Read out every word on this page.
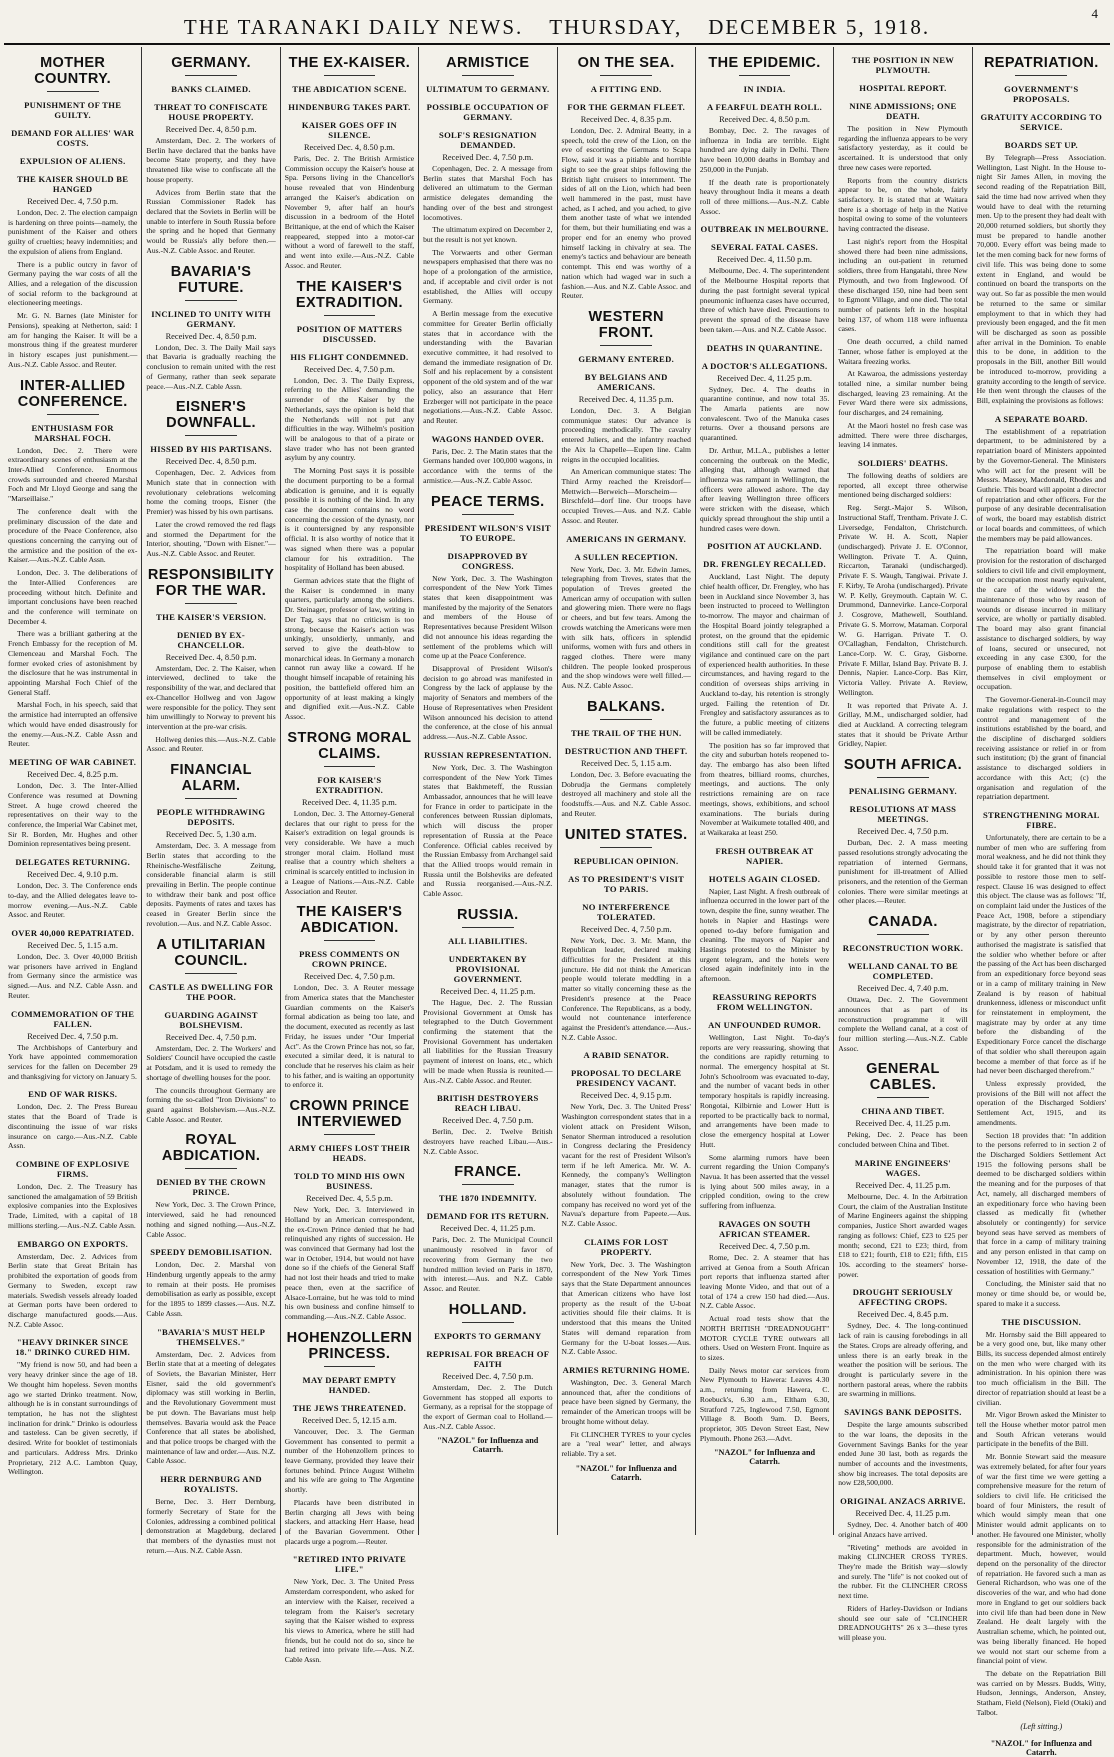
THE TARANAKI DAILY NEWS. THURSDAY, DECEMBER 5, 1918.
4
MOTHER COUNTRY.

PUNISHMENT OF THE GUILTY.

DEMAND FOR ALLIES' WAR COSTS.

EXPULSION OF ALIENS.

THE KAISER SHOULD BE HANGED

Received Dec. 4, 7.50 p.m.

London, Dec. 2. The election campaign is hardening on three points—namely, the punishment of the Kaiser and others guilty of cruelties; heavy indemnities; and the expulsion of aliens from England.

There is a public outcry in favor of Germany paying the war costs of all the Allies, and a relegation of the discussion of social reform to the background at electioneering meetings.

Mr. G. N. Barnes (late Minister for Pensions), speaking at Netherton, said: I am for hanging the Kaiser. It will be a monstrous thing if the greatest murderer in history escapes just punishment.—Aus.-N.Z. Cable Assoc. and Reuter.

INTER-ALLIED CONFERENCE.

ENTHUSIASM FOR MARSHAL FOCH.

London, Dec. 2. There were extraordinary scenes of enthusiasm at the Inter-Allied Conference. Enormous crowds surrounded and cheered Marshal Foch and Mr Lloyd George and sang the "Marseillaise."

The conference dealt with the preliminary discussion of the date and procedure of the Peace Conference, also questions concerning the carrying out of the armistice and the position of the ex-Kaiser.—Aus.-N.Z. Cable Assn.

London, Dec. 3. The deliberations of the Inter-Allied Conferences are proceeding without hitch. Definite and important conclusions have been reached and the conference will terminate on December 4.

There was a brilliant gathering at the French Embassy for the reception of M. Clemenceau and Marshal Foch. The former evoked cries of astonishment by the disclosure that he was instrumental in appointing Marshal Foch Chief of the General Staff.

Marshal Foch, in his speech, said that the armistice had interrupted an offensive which would have ended disastrously for the enemy.—Aus.-N.Z. Cable Assn and Reuter.

MEETING OF WAR CABINET.

Received Dec. 4, 8.25 p.m.

London, Dec. 3. The Inter-Allied Conference was resumed at Downing Street. A huge crowd cheered the representatives on their way to the conference, the Imperial War Cabinet met, Sir R. Borden, Mr. Hughes and other Dominion representatives being present.

DELEGATES RETURNING.

Received Dec. 4, 9.10 p.m.

London, Dec. 3. The Conference ends to-day, and the Allied delegates leave to-morrow evening.—Aus.-N.Z. Cable Assoc. and Reuter.

OVER 40,000 REPATRIATED.

Received Dec. 5, 1.15 a.m.

London, Dec. 3. Over 40,000 British war prisoners have arrived in England from Germany since the armistice was signed.—Aus. and N.Z. Cable Assn. and Reuter.

COMMEMORATION OF THE FALLEN.

Received Dec. 4, 7.50 p.m.

The Archbishops of Canterbury and York have appointed commemoration services for the fallen on December 29 and thanksgiving for victory on January 5.

END OF WAR RISKS.

London, Dec. 2. The Press Bureau states that the Board of Trade is discontinuing the issue of war risks insurance on cargo.—Aus.-N.Z. Cable Assn.

COMBINE OF EXPLOSIVE FIRMS.

London, Dec. 2. The Treasury has sanctioned the amalgamation of 59 British explosive companies into the Explosives Trade, Limited, with a capital of 18 millions sterling.—Aus.-N.Z. Cable Assn.

EMBARGO ON EXPORTS.

Amsterdam, Dec. 2. Advices from Berlin state that Great Britain has prohibited the exportation of goods from Germany to Sweden, except raw materials. Swedish vessels already loaded at German ports have been ordered to discharge manufactured goods.—Aus. N.Z. Cable Assoc.

"HEAVY DRINKER SINCE 18." DRINKO CURED HIM.

"My friend is now 50, and had been a very heavy drinker since the age of 18. We thought him hopeless. Seven months ago we started Drinko treatment. Now, although he is in constant surroundings of temptation, he has not the slightest inclination for drink." Drinko is odourless and tasteless. Can be given secretly, if desired. Write for booklet of testimonials and particulars. Address Mrs. Drinko Proprietary, 212 A.C. Lambton Quay, Wellington.

GERMANY.

BANKS CLAIMED.

THREAT TO CONFISCATE HOUSE PROPERTY.

Received Dec. 4, 8.50 p.m.

Amsterdam, Dec. 2. The workers of Berlin have declared that the banks have become State property, and they have threatened like wise to confiscate all the house property.

Advices from Berlin state that the Russian Commissioner Radek has declared that the Soviets in Berlin will be unable to interfere in South Russia before the spring and he hoped that Germany would be Russia's ally before then.—Aus.-N.Z. Cable Assoc. and Reuter.

BAVARIA'S FUTURE.

INCLINED TO UNITY WITH GERMANY.

Received Dec. 4, 8.50 p.m.

London, Dec. 3. The Daily Mail says that Bavaria is gradually reaching the conclusion to remain united with the rest of Germany, rather than seek separate peace.—Aus.-N.Z. Cable Assn.

EISNER'S DOWNFALL.

HISSED BY HIS PARTISANS.

Received Dec. 4, 8.50 p.m.

Copenhagen, Dec. 2. Advices from Munich state that in connection with revolutionary celebrations welcoming home the coming troops, Eisner (the Premier) was hissed by his own partisans.

Later the crowd removed the red flags and stormed the Department for the Interior, shouting, "Down with Eisner."—Aus.-N.Z. Cable Assoc. and Reuter.

RESPONSIBILITY FOR THE WAR.

THE KAISER'S VERSION.

DENIED BY EX-CHANCELLOR.

Received Dec. 4, 8.50 p.m.

Amsterdam, Dec. 2. The Kaiser, when interviewed, declined to take the responsibility of the war, and declared that ex-Chancellor Hollweg and von Jagow were responsible for the policy. They sent him unwillingly to Norway to prevent his intervention at the pre-war crisis.

Hollweg denies this.—Aus.-N.Z. Cable Assoc. and Reuter.

FINANCIAL ALARM.

PEOPLE WITHDRAWING DEPOSITS.

Received Dec. 5, 1.30 a.m.

Amsterdam, Dec. 3. A message from Berlin states that according to the Rheinische-Westfälische Zeitung, considerable financial alarm is still prevailing in Berlin. The people continue to withdraw their bank and post office deposits. Payments of rates and taxes has ceased in Greater Berlin since the revolution.—Aus. and N.Z. Cable Assoc.

A UTILITARIAN COUNCIL.

CASTLE AS DWELLING FOR THE POOR.

GUARDING AGAINST BOLSHEVISM.

Received Dec. 4, 7.50 p.m.

Amsterdam, Dec. 2. The Workers' and Soldiers' Council have occupied the castle at Potsdam, and it is used to remedy the shortage of dwelling houses for the poor.

The councils throughout Germany are forming the so-called "Iron Divisions" to guard against Bolshevism.—Aus.-N.Z. Cable Assoc. and Reuter.

ROYAL ABDICATION.

DENIED BY THE CROWN PRINCE.

New York, Dec. 3. The Crown Prince, interviewed, said he had renounced nothing and signed nothing.—Aus.-N.Z. Cable Assoc.

SPEEDY DEMOBILISATION.

London, Dec. 2. Marshal von Hindenburg urgently appeals to the army to remain at their posts. He promises demobilisation as early as possible, except for the 1895 to 1899 classes.—Aus. N.Z. Cable Assn.

"BAVARIA'S MUST HELP THEMSELVES."

Amsterdam, Dec. 2. Advices from Berlin state that at a meeting of delegates of Soviets, the Bavarian Minister, Herr Eisner, said the old government's diplomacy was still working in Berlin, and the Revolutionary Government must be put down. The Bavarians must help themselves. Bavaria would ask the Peace Conference that all states be abolished, and that police troops be charged with the maintenance of law and order.—Aus. N.Z. Cable Assoc.

HERR DERNBURG AND ROYALISTS.

Berne, Dec. 3. Herr Dernburg, formerly Secretary of State for the Colonies, addressing a combined political demonstration at Magdeburg, declared that members of the dynasties must not return.—Aus. N.Z. Cable Assn.

THE EX-KAISER.

THE ABDICATION SCENE.

HINDENBURG TAKES PART.

KAISER GOES OFF IN SILENCE.

Received Dec. 4, 8.50 p.m.

Paris, Dec. 2. The British Armistice Commission occupy the Kaiser's house at Spa. Persons living in the Chancellor's house revealed that von Hindenburg arranged the Kaiser's abdication on November 9, after half an hour's discussion in a bedroom of the Hotel Brittanique, at the end of which the Kaiser reappeared, stepped into a motor-car without a word of farewell to the staff, and went into exile.—Aus.-N.Z. Cable Assoc. and Reuter.

THE KAISER'S EXTRADITION.

POSITION OF MATTERS DISCUSSED.

HIS FLIGHT CONDEMNED.

Received Dec. 4, 7.50 p.m.

London, Dec. 3. The Daily Express, referring to the Allies' demanding the surrender of the Kaiser by the Netherlands, says the opinion is held that the Netherlands will not put any difficulties in the way. Wilhelm's position will be analogous to that of a pirate or slave trader who has not been granted asylum by any country.

The Morning Post says it is possible the document purporting to be a formal abdication is genuine, and it is equally possible it is nothing of the kind. In any case the document contains no word concerning the cession of the dynasty, nor is it countersigned by any responsible official. It is also worthy of notice that it was signed when there was a popular clamour for his extradition. The hospitality of Holland has been abused.

German advices state that the flight of the Kaiser is condemned in many quarters, particularly among the soldiers. Dr. Steinager, professor of law, writing in Der Tag, says that no criticism is too strong, because the Kaiser's action was unkingly, unsoldierly, unmanly, and served to give the death-blow to monarchical ideas. In Germany a monarch cannot run away like a coward. If he thought himself incapable of retaining his position, the battlefield offered him an opportunity of at least making a kingly and dignified exit.—Aus.-N.Z. Cable Assoc.

STRONG MORAL CLAIMS.

FOR KAISER'S EXTRADITION.

Received Dec. 4, 11.35 p.m.

London, Dec. 3. The Attorney-General declares that our right to press for the Kaiser's extradition on legal grounds is very considerable. We have a much stronger moral claim. Holland must realise that a country which shelters a criminal is scarcely entitled to inclusion in a League of Nations.—Aus.-N.Z. Cable Association and Reuter.

THE KAISER'S ABDICATION.

PRESS COMMENTS ON CROWN PRINCE.

Received Dec. 4, 7.50 p.m.

London, Dec. 3. A Reuter message from America states that the Manchester Guardian comments on the Kaiser's formal abdication as being too late, and the document, executed as recently as last Friday, he issues under "Our Imperial Act". As the Crown Prince has not, so far, executed a similar deed, it is natural to conclude that he reserves his claim as heir to his father, and is waiting an opportunity to enforce it.

CROWN PRINCE INTERVIEWED

ARMY CHIEFS LOST THEIR HEADS.

TOLD TO MIND HIS OWN BUSINESS.

Received Dec. 4, 5.5 p.m.

New York, Dec. 3. Interviewed in Holland by an American correspondent, the ex-Crown Prince denied that he had relinquished any rights of succession. He was convinced that Germany had lost the war in October, 1914, but would not have done so if the chiefs of the General Staff had not lost their heads and tried to make peace then, even at the sacrifice of Alsace-Lorraine, but he was told to mind his own business and confine himself to commanding.—Aus.-N.Z. Cable Assoc.

HOHENZOLLERN PRINCESS.

MAY DEPART EMPTY HANDED.

THE JEWS THREATENED.

Received Dec. 5, 12.15 a.m.

Vancouver, Dec. 3. The German Government has consented to permit a number of the Hohenzollern princes to leave Germany, provided they leave their fortunes behind. Prince August Wilhelm and his wife are going to The Argentine shortly.

Placards have been distributed in Berlin charging all Jews with being slackers, and attacking Herr Haase, head of the Bavarian Government. Other placards urge a pogrom.—Reuter.

"RETIRED INTO PRIVATE LIFE."

New York, Dec. 3. The United Press Amsterdam correspondent, who asked for an interview with the Kaiser, received a telegram from the Kaiser's secretary saying that the Kaiser wished to express his views to America, where he still had friends, but he could not do so, since he had retired into private life.—Aus. N.Z. Cable Assn.

ARMISTICE

ULTIMATUM TO GERMANY.

POSSIBLE OCCUPATION OF GERMANY.

SOLF'S RESIGNATION DEMANDED.

Received Dec. 4, 7.50 p.m.

Copenhagen, Dec. 2. A message from Berlin states that Marshal Foch has delivered an ultimatum to the German armistice delegates demanding the handing over of the best and strongest locomotives.

The ultimatum expired on December 2, but the result is not yet known.

The Vorwaerts and other German newspapers emphasised that there was no hope of a prolongation of the armistice, and, if acceptable and civil order is not established, the Allies will occupy Germany.

A Berlin message from the executive committee for Greater Berlin officially states that in accordance with the understanding with the Bavarian executive committee, it had resolved to demand the immediate resignation of Dr. Solf and his replacement by a consistent opponent of the old system and of the war policy, also an assurance that Herr Erzberger will not participate in the peace negotiations.—Aus.-N.Z. Cable Assoc. and Reuter.

WAGONS HANDED OVER.

Paris, Dec. 2. The Matin states that the Germans handed over 100,000 wagons, in accordance with the terms of the armistice.—Aus.-N.Z. Cable Assoc.

PEACE TERMS.

PRESIDENT WILSON'S VISIT TO EUROPE.

DISAPPROVED BY CONGRESS.

New York, Dec. 3. The Washington correspondent of the New York Times states that keen disappointment was manifested by the majority of the Senators and members of the House of Representatives because President Wilson did not announce his ideas regarding the settlement of the problems which will come up at the Peace Conference.

Disapproval of President Wilson's decision to go abroad was manifested in Congress by the lack of applause by the majority of Senators and members of the House of Representatives when President Wilson announced his decision to attend the conference, at the close of his annual address.—Aus.-N.Z. Cable Assoc.

RUSSIAN REPRESENTATION.

New York, Dec. 3. The Washington correspondent of the New York Times states that Bakhmeteff, the Russian Ambassador, announces that he will leave for France in order to participate in the conferences between Russian diplomats, which will discuss the proper representation of Russia at the Peace Conference. Official cables received by the Russian Embassy from Archangel said that the Allied troops would remain in Russia until the Bolsheviks are defeated and Russia reorganised.—Aus.-N.Z. Cable Assoc.

RUSSIA.

ALL LIABILITIES.

UNDERTAKEN BY PROVISIONAL GOVERNMENT.

Received Dec. 4, 11.25 p.m.

The Hague, Dec. 2. The Russian Provisional Government at Omsk has telegraphed to the Dutch Government confirming the statement that the Provisional Government has undertaken all liabilities for the Russian Treasury payment of interest on loans, etc., which will be made when Russia is reunited.—Aus.-N.Z. Cable Assoc. and Reuter.

BRITISH DESTROYERS REACH LIBAU.

Received Dec. 4, 7.50 p.m.

Berlin, Dec. 2. Twelve British destroyers have reached Libau.—Aus.-N.Z. Cable Assoc.

FRANCE.

THE 1870 INDEMNITY.

DEMAND FOR ITS RETURN.

Received Dec. 4, 11.25 p.m.

Paris, Dec. 2. The Municipal Council unanimously resolved in favor of recovering from Germany the two hundred million levied on Paris in 1870, with interest.—Aus. and N.Z. Cable Assoc. and Reuter.

HOLLAND.

EXPORTS TO GERMANY

REPRISAL FOR BREACH OF FAITH

Received Dec. 4, 7.50 p.m.

Amsterdam, Dec. 2. The Dutch Government has stopped all exports to Germany, as a reprisal for the stoppage of the export of German coal to Holland.—Aus.-N.Z. Cable Assoc.

"NAZOL" for Influenza and Catarrh.

ON THE SEA.

A FITTING END.

FOR THE GERMAN FLEET.

Received Dec. 4, 8.35 p.m.

London, Dec. 2. Admiral Beatty, in a speech, told the crew of the Lion, on the eve of escorting the Germans to Scapa Flow, said it was a pitiable and horrible sight to see the great ships following the British light cruisers to internment. The sides of all on the Lion, which had been well hammered in the past, must have ached, as I ached, and you ached, to give them another taste of what we intended for them, but their humiliating end was a proper end for an enemy who proved himself lacking in chivalry at sea. The enemy's tactics and behaviour are beneath contempt. This end was worthy of a nation which had waged war in such a fashion.—Aus. and N.Z. Cable Assoc. and Reuter.

WESTERN FRONT.

GERMANY ENTERED.

BY BELGIANS AND AMERICANS.

Received Dec. 4, 11.35 p.m.

London, Dec. 3. A Belgian communique states: Our advance is proceeding methodically. The cavalry entered Juliers, and the infantry reached the Aix la Chapelle—Eupen line. Calm reigns in the occupied localities.

An American communique states: The Third Army reached the Kreisdorf—Mettwich—Berweich—Morscheim—Birschfeld—dorf line. Our troops have occupied Treves.—Aus. and N.Z. Cable Assoc. and Reuter.

AMERICANS IN GERMANY.

A SULLEN RECEPTION.

New York, Dec. 3. Mr. Edwin James, telegraphing from Treves, states that the population of Treves greeted the American army of occupation with sullen and glowering mien. There were no flags or cheers, and but few tears. Among the crowds watching the Americans were men with silk hats, officers in splendid uniforms, women with furs and others in ragged clothes. There were many children. The people looked prosperous and the shop windows were well filled.—Aus. N.Z. Cable Assoc.

BALKANS.

THE TRAIL OF THE HUN.

DESTRUCTION AND THEFT.

Received Dec. 5, 1.15 a.m.

London, Dec. 3. Before evacuating the Dobrudja the Germans completely destroyed all machinery and stole all the foodstuffs.—Aus. and N.Z. Cable Assoc. and Reuter.

UNITED STATES.

REPUBLICAN OPINION.

AS TO PRESIDENT'S VISIT TO PARIS.

NO INTERFERENCE TOLERATED.

Received Dec. 4, 7.50 p.m.

New York, Dec. 3. Mr. Mann, the Republican leader, declared making difficulties for the President at this juncture. He did not think the American people would tolerate meddling in a matter so vitally concerning these as the President's presence at the Peace Conference. The Republicans, as a body, would not countenance interference against the President's attendance.—Aus.-N.Z. Cable Assoc.

A RABID SENATOR.

PROPOSAL TO DECLARE PRESIDENCY VACANT.

Received Dec. 4, 9.15 p.m.

New York, Dec. 3. The United Press' Washington correspondent states that in a violent attack on President Wilson, Senator Sherman introduced a resolution in Congress declaring the Presidency vacant for the rest of President Wilson's term if he left America. Mr. W. A. Kennedy, the company's Wellington manager, states that the rumor is absolutely without foundation. The company has received no word yet of the Navua's departure from Papeete.—Aus. N.Z. Cable Assoc.

CLAIMS FOR LOST PROPERTY.

New York, Dec. 3. The Washington correspondent of the New York Times says that the State Department announces that American citizens who have lost property as the result of the U-boat activities should file their claims. It is understood that this means the United States will demand reparation from Germany for the U-boat losses.—Aus. N.Z. Cable Assoc.

ARMIES RETURNING HOME.

Washington, Dec. 3. General March announced that, after the conditions of peace have been signed by Germany, the remainder of the American troops will be brought home without delay.

Fit CLINCHER TYRES to your cycles are a "real wear" letter, and always reliable. Try a set.

"NAZOL" for Influenza and Catarrh.

THE EPIDEMIC.

IN INDIA.

A FEARFUL DEATH ROLL.

Received Dec. 4, 8.50 p.m.

Bombay, Dec. 2. The ravages of influenza in India are terrible. Eight hundred are dying daily in Delhi. There have been 10,000 deaths in Bombay and 250,000 in the Punjab.

If the death rate is proportionately heavy throughout India it means a death roll of three millions.—Aus.-N.Z. Cable Assoc.

OUTBREAK IN MELBOURNE.

SEVERAL FATAL CASES.

Received Dec. 4, 11.50 p.m.

Melbourne, Dec. 4. The superintendent of the Melbourne Hospital reports that during the past fortnight several typical pneumonic influenza cases have occurred, three of which have died. Precautions to prevent the spread of the disease have been taken.—Aus. and N.Z. Cable Assoc.

DEATHS IN QUARANTINE.

A DOCTOR'S ALLEGATIONS.

Received Dec. 4, 11.25 p.m.

Sydney, Dec. 4. The deaths in quarantine continue, and now total 35. The Amarla patients are now convalescent. Two of the Manuka cases returns. Over a thousand persons are quarantined.

Dr. Arthur, M.L.A., publishes a letter concerning the outbreak on the Medic, alleging that, although warned that influenza was rampant in Wellington, the officers were allowed ashore. The day after leaving Wellington three officers were stricken with the disease, which quickly spread throughout the ship until a hundred cases were down.

POSITION AT AUCKLAND.

DR. FRENGLEY RECALLED.

Auckland, Last Night. The deputy chief health officer, Dr. Frengley, who has been in Auckland since November 3, has been instructed to proceed to Wellington to-morrow. The mayor and chairman of the Hospital Board jointly telegraphed a protest, on the ground that the epidemic conditions still call for the greatest vigilance and continued care on the part of experienced health authorities. In these circumstances, and having regard to the condition of overseas ships arriving in Auckland to-day, his retention is strongly urged. Failing the retention of Dr. Frengley and satisfactory assurances as to the future, a public meeting of citizens will be called immediately.

The position has so far improved that the city and suburban hotels reopened to-day. The embargo has also been lifted from theatres, billiard rooms, churches, meetings, and auctions. The only restrictions remaining are on race meetings, shows, exhibitions, and school examinations. The burials during November at Waikumete totalled 400, and at Waikaraka at least 250.

FRESH OUTBREAK AT NAPIER.

HOTELS AGAIN CLOSED.

Napier, Last Night. A fresh outbreak of influenza occurred in the lower part of the town, despite the fine, sunny weather. The hotels in Napier and Hastings were opened to-day before fumigation and cleaning. The mayors of Napier and Hastings protested to the Minister by urgent telegram, and the hotels were closed again indefinitely into in the afternoon.

REASSURING REPORTS FROM WELLINGTON.

AN UNFOUNDED RUMOR.

Wellington, Last Night. To-day's reports are very reassuring, showing that the conditions are rapidly returning to normal. The emergency hospital at St. John's Schoolroom was evacuated to-day, and the number of vacant beds in other temporary hospitals is rapidly increasing. Rongotai, Kilbirnie and Lower Hutt is reported to be practically back to normal, and arrangements have been made to close the emergency hospital at Lower Hutt.

Some alarming rumors have been current regarding the Union Company's Navua. It has been asserted that the vessel is lying about 500 miles away, in a crippled condition, owing to the crew suffering from influenza.

RAVAGES ON SOUTH AFRICAN STEAMER.

Received Dec. 4, 7.50 p.m.

Rome, Dec. 2. A steamer that has arrived at Genoa from a South African port reports that influenza started after leaving Monte Video, and that out of a total of 174 a crew 150 had died.—Aus. N.Z. Cable Assoc.

Actual road tests show that the NORTH BRITISH "DREADNOUGHT" MOTOR CYCLE TYRE outwears all others. Used on Western Front. Inquire as to sizes.

Daily News motor car services from New Plymouth to Hawera: Leaves 4.30 a.m., returning from Hawera, C. Roebuck's, 6.30 a.m., Eltham 6.30, Stratford 7.25, Inglewood 7.50, Egmont Village 8. Booth 9am. D. Beers, proprietor, 305 Devon Street East, New Plymouth. Phone 263.—Advt.

"NAZOL" for Influenza and Catarrh.

THE POSITION IN NEW PLYMOUTH.

HOSPITAL REPORT.

NINE ADMISSIONS; ONE DEATH.

The position in New Plymouth regarding the influenza appears to be very satisfactory yesterday, as it could be ascertained. It is understood that only three new cases were reported.

Reports from the country districts appear to be, on the whole, fairly satisfactory. It is stated that at Waitara there is a shortage of help in the Native hospital owing to some of the volunteers having contracted the disease.

Last night's report from the Hospital showed there had been nine admissions, including an out-patient in returned soldiers, three from Hangatahi, three New Plymouth, and two from Inglewood. Of these discharged 150, nine had been sent to Egmont Village, and one died. The total number of patients left in the hospital being 137, of whom 118 were influenza cases.

One death occurred, a child named Tanner, whose father is employed at the Waitara freezing works.

At Kawaroa, the admissions yesterday totalled nine, a similar number being discharged, leaving 23 remaining. At the Fever Ward there were six admissions, four discharges, and 24 remaining.

At the Maori hostel no fresh case was admitted. There were three discharges, leaving 14 inmates.

SOLDIERS' DEATHS.

The following deaths of soldiers are reported, all except three otherwise mentioned being discharged soldiers:

Reg. Sergt.-Major S. Wilson, Instructional Staff, Trentham. Private J. C. Liversedge, Fendalton, Christchurch. Private W. H. A. Scott, Napier (undischarged). Private J. E. O'Connor, Wellington. Private T. A. Quinn, Riccarton, Taranaki (undischarged). Private F. S. Waugh, Tangiwai. Private J. F. Kirby, Te Aroha (undischarged). Private W. P. Kelly, Greymouth. Captain W. C. Drummond, Dannevirke. Lance-Corporal J. Cosgrove, Mathewell, Southland. Private G. S. Morrow, Mataman. Corporal W. G. Harrigan. Private T. O. O'Callaghan, Fendalton, Christchurch. Lance-Corp. W. C. Gray, Gisborne. Private F. Millar, Island Bay. Private B. J. Dennis, Napier. Lance-Corp. Bas Kirr, Victoria Valley. Private A. Review, Wellington.

It was reported that Private A. J. Grillay, M.M., undischarged soldier, had died at Auckland. A correcting telegram states that it should be Private Arthur Gridley, Napier.

SOUTH AFRICA.

PENALISING GERMANY.

RESOLUTIONS AT MASS MEETINGS.

Received Dec. 4, 7.50 p.m.

Durban, Dec. 2. A mass meeting passed resolutions strongly advocating the repatriation of interned Germans, punishment for ill-treatment of Allied prisoners, and the retention of the German colonies. There were similar meetings at other places.—Reuter.

CANADA.

RECONSTRUCTION WORK.

WELLAND CANAL TO BE COMPLETED.

Received Dec. 4, 7.40 p.m.

Ottawa, Dec. 2. The Government announces that as part of its reconstruction programme it will complete the Welland canal, at a cost of four million sterling.—Aus.-N.Z. Cable Assoc.

GENERAL CABLES.

CHINA AND TIBET.

Received Dec. 4, 11.25 p.m.

Peking, Dec. 2. Peace has been concluded between China and Tibet.

MARINE ENGINEERS' WAGES.

Received Dec. 4, 11.25 p.m.

Melbourne, Dec. 4. In the Arbitration Court, the claim of the Australian Institute of Marine Engineers against the shipping companies, Justice Short awarded wages ranging as follows: Chief, £23 to £25 per month; second, £21 to £23; third, from £18 to £21; fourth, £18 to £21; fifth, £15 10s. according to the steamers' horse-power.

DROUGHT SERIOUSLY AFFECTING CROPS.

Received Dec. 4, 8.45 p.m.

Sydney, Dec. 4. The long-continued lack of rain is causing forebodings in all the States. Crops are already offering, and unless there is an early break in the weather the position will be serious. The drought is particularly severe in the northern pastoral areas, where the rabbits are swarming in millions.

SAVINGS BANK DEPOSITS.

Despite the large amounts subscribed to the war loans, the deposits in the Government Savings Banks for the year ended June 30 last, both as regards the number of accounts and the investments, show big increases. The total deposits are now £28,500,000.

ORIGINAL ANZACS ARRIVE.

Received Dec. 4, 11.25 p.m.

Sydney, Dec. 4. Another batch of 400 original Anzacs have arrived.

"Riveting" methods are avoided in making CLINCHER CROSS TYRES. They're made the British way—slowly and surely. The "life" is not cooked out of the rubber. Fit the CLINCHER CROSS next time.

Riders of Harley-Davidson or Indians should see our sale of "CLINCHER DREADNOUGHTS" 26 x 3—these tyres will please you.

REPATRIATION.

GOVERNMENT'S PROPOSALS.

GRATUITY ACCORDING TO SERVICE.

BOARDS SET UP.

By Telegraph—Press Association. Wellington, Last Night. In the House to-night Sir James Allen, in moving the second reading of the Repatriation Bill, said the time had now arrived when they would have to deal with the returning men. Up to the present they had dealt with 20,000 returned soldiers, but shortly they must be prepared to handle another 70,000. Every effort was being made to let the men coming back for new forms of civil life. This was being done to some extent in England, and would be continued on board the transports on the way out. So far as possible the men would be returned to the same or similar employment to that in which they had previously been engaged, and the fit men will be discharged as soon as possible after arrival in the Dominion. To enable this to be done, in addition to the proposals in the Bill, another Bill would be introduced to-morrow, providing a gratuity according to the length of service. He then went through the clauses of the Bill, explaining the provisions as follows:

A SEPARATE BOARD.

The establishment of a repatriation department, to be administered by a repatriation board of Ministers appointed by the Governor-General. The Ministers who will act for the present will be Messrs. Massey, Macdonald, Rhodes and Guthrie. This board will appoint a director of repatriation and other officers. For the purpose of any desirable decentralisation of work, the board may establish district or local boards and committees, of which the members may be paid allowances.

The repatriation board will make provision for the restoration of discharged soldiers to civil life and civil employment, or the occupation most nearly equivalent, the care of the widows and the maintenance of those who by reason of wounds or disease incurred in military service, are wholly or partially disabled. The board may also grant financial assistance to discharged soldiers, by way of loans, secured or unsecured, not exceeding in any case £300, for the purpose of enabling them to establish themselves in civil employment or occupation.

The Governor-General-in-Council may make regulations with respect to the control and management of the institutions established by the board, and the discipline of discharged soldiers receiving assistance or relief in or from such institution; (b) the grant of financial assistance to discharged soldiers in accordance with this Act; (c) the organisation and regulation of the repatriation department.

STRENGTHENING MORAL FIBRE.

Unfortunately, there are certain to be a number of men who are suffering from moral weakness, and he did not think they should take it for granted that it was not possible to restore those men to self-respect. Clause 16 was designed to effect this object. The clause was as follows: "If, on complaint laid under the Justices of the Peace Act, 1908, before a stipendiary magistrate, by the director of repatriation, or by any other person thereunto authorised the magistrate is satisfied that the soldier who whether before or after the passing of the Act has been discharged from an expeditionary force beyond seas or in a camp of military training in New Zealand is by reason of habitual drunkenness, idleness or misconduct unfit for reinstatement in employment, the magistrate may by order at any time before the disbanding of the Expeditionary Force cancel the discharge of that soldier who shall thereupon again become a member of that force as if he had never been discharged therefrom."

Unless expressly provided, the provisions of the Bill will not affect the operation of the Discharged Soldiers' Settlement Act, 1915, and its amendments.

Section 18 provides that: "In addition to the persons referred to in section 2 of the Discharged Soldiers Settlement Act 1915 the following persons shall be deemed to be discharged soldiers within the meaning and for the purposes of that Act, namely, all discharged members of an expeditionary force who having been classed as medically fit (whether absolutely or contingently) for service beyond seas have served as members of that force in a camp of military training and any person enlisted in that camp on November 12, 1918, the date of the cessation of hostilities with Germany."

Concluding, the Minister said that no money or time should be, or would be, spared to make it a success.

THE DISCUSSION.

Mr. Hornsby said the Bill appeared to be a very good one, but, like many other Bills, its success depended almost entirely on the men who were charged with its administration. In his opinion there was too much officialism in the Bill. The director of repatriation should at least be a civilian.

Mr. Vigor Brown asked the Minister to tell the House whether motor patrol men and South African veterans would participate in the benefits of the Bill.

Mr. Bonnie Stewart said the measure was extremely belated, for after four years of war the first time we were getting a comprehensive measure for the return of soldiers to civil life. He criticised the board of four Ministers, the result of which would simply mean that one Minister would admit applicants on to another. He favoured one Minister, wholly responsible for the administration of the department. Much, however, would depend on the personality of the director of repatriation. He favored such a man as General Richardson, who was one of the discoveries of the war, and who had done more in England to get our soldiers back into civil life than had been done in New Zealand. He dealt largely with the Australian scheme, which, he pointed out, was being liberally financed. He hoped we would not start our scheme from a financial point of view.

The debate on the Repatriation Bill was carried on by Messrs. Budds, Witty, Hudson, Jennings, Anderson, Anstey, Statham, Field (Nelson), Field (Otaki) and Talbot.

(Left sitting.)

"NAZOL" for Influenza and Catarrh.
